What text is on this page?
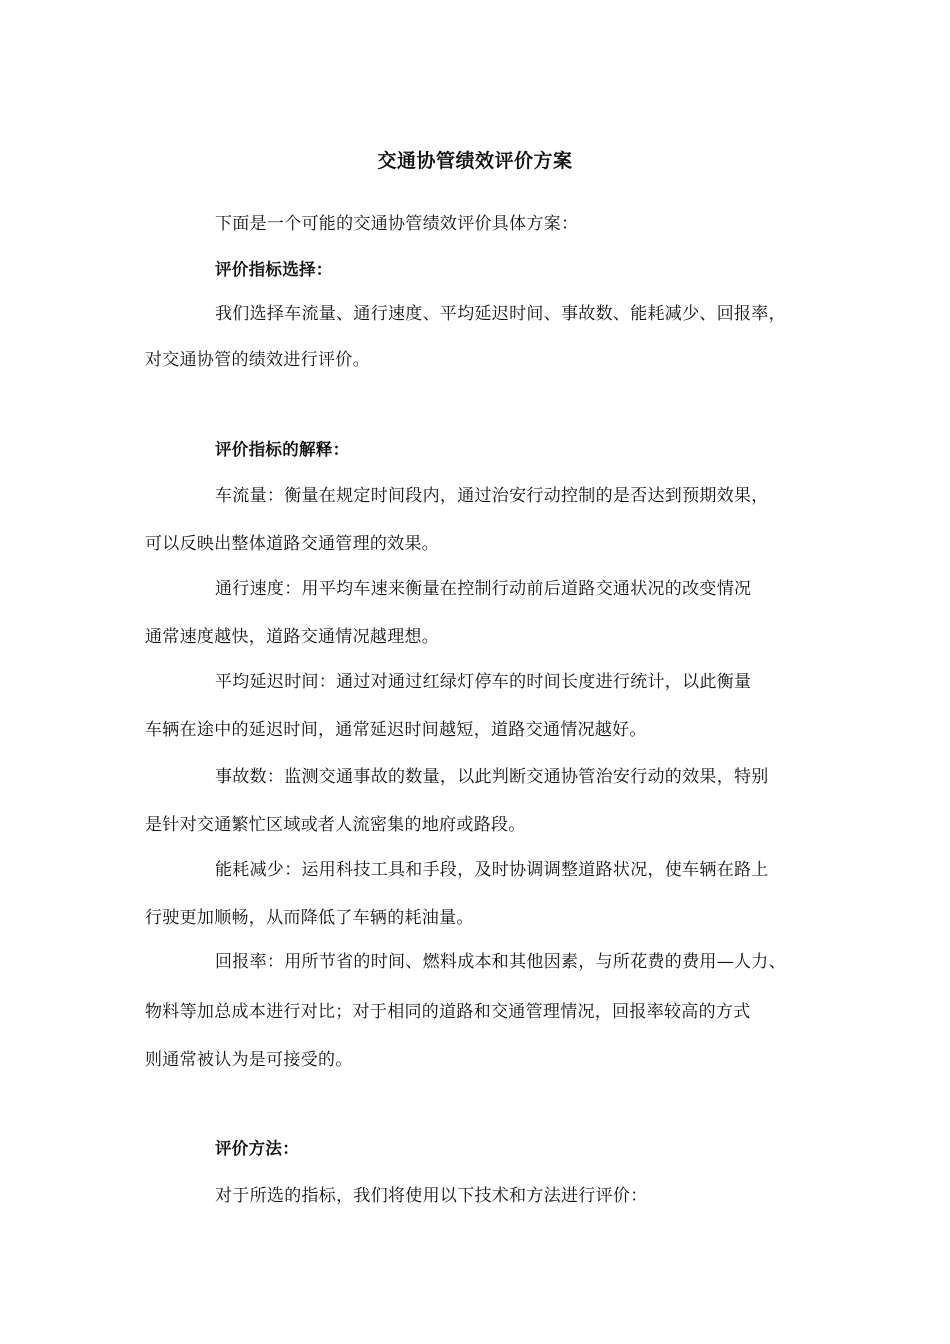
交通协管绩效评价方案
下面是一个可能的交通协管绩效评价具体方案：
评价指标选择：
我们选择车流量、通行速度、平均延迟时间、事故数、能耗减少、回报率，
对交通协管的绩效进行评价。
评价指标的解释：
车流量：衡量在规定时间段内，通过治安行动控制的是否达到预期效果，
可以反映出整体道路交通管理的效果。
通行速度：用平均车速来衡量在控制行动前后道路交通状况的改变情况
通常速度越快，道路交通情况越理想。
平均延迟时间：通过对通过红绿灯停车的时间长度进行统计，以此衡量
车辆在途中的延迟时间，通常延迟时间越短，道路交通情况越好。
事故数：监测交通事故的数量，以此判断交通协管治安行动的效果，特别
是针对交通繁忙区域或者人流密集的地府或路段。
能耗减少：运用科技工具和手段，及时协调调整道路状况，使车辆在路上
行驶更加顺畅，从而降低了车辆的耗油量。
回报率：用所节省的时间、燃料成本和其他因素，与所花费的费用—人力、
物料等加总成本进行对比；对于相同的道路和交通管理情况，回报率较高的方式
则通常被认为是可接受的。
评价方法：
对于所选的指标，我们将使用以下技术和方法进行评价：
